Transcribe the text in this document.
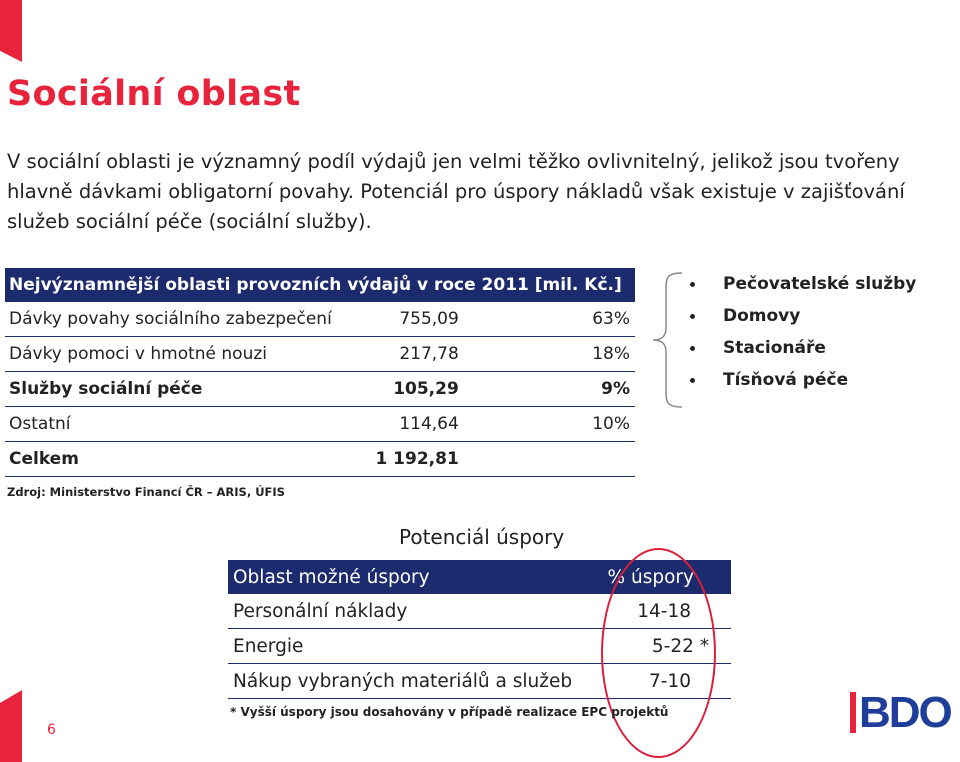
Sociální oblast
V sociální oblasti je významný podíl výdajů jen velmi těžko ovlivnitelný, jelikož jsou tvořeny hlavně dávkami obligatorní povahy. Potenciál pro úspory nákladů však existuje v zajišťování služeb sociální péče (sociální služby).
Nejvýznamnější oblasti provozních výdajů v roce 2011 [mil. Kč.]		
Dávky povahy sociálního zabezpečení	755,09	63%
Dávky pomoci v hmotné nouzi	217,78	18%
Služby sociální péče	105,29	9%
Ostatní	114,64	10%
Celkem	1 192,81	
Zdroj: Ministerstvo Financí ČR – ARIS, ÚFIS
Pečovatelské služby
Domovy
Stacionáře
Tísňová péče
Potenciál úspory
Oblast možné úspory	% úspory
Personální náklady	14-18
Energie	5-22 *
Nákup vybraných materiálů a služeb	7-10
* Vyšší úspory jsou dosahovány v případě realizace EPC projektů
6	BDO
